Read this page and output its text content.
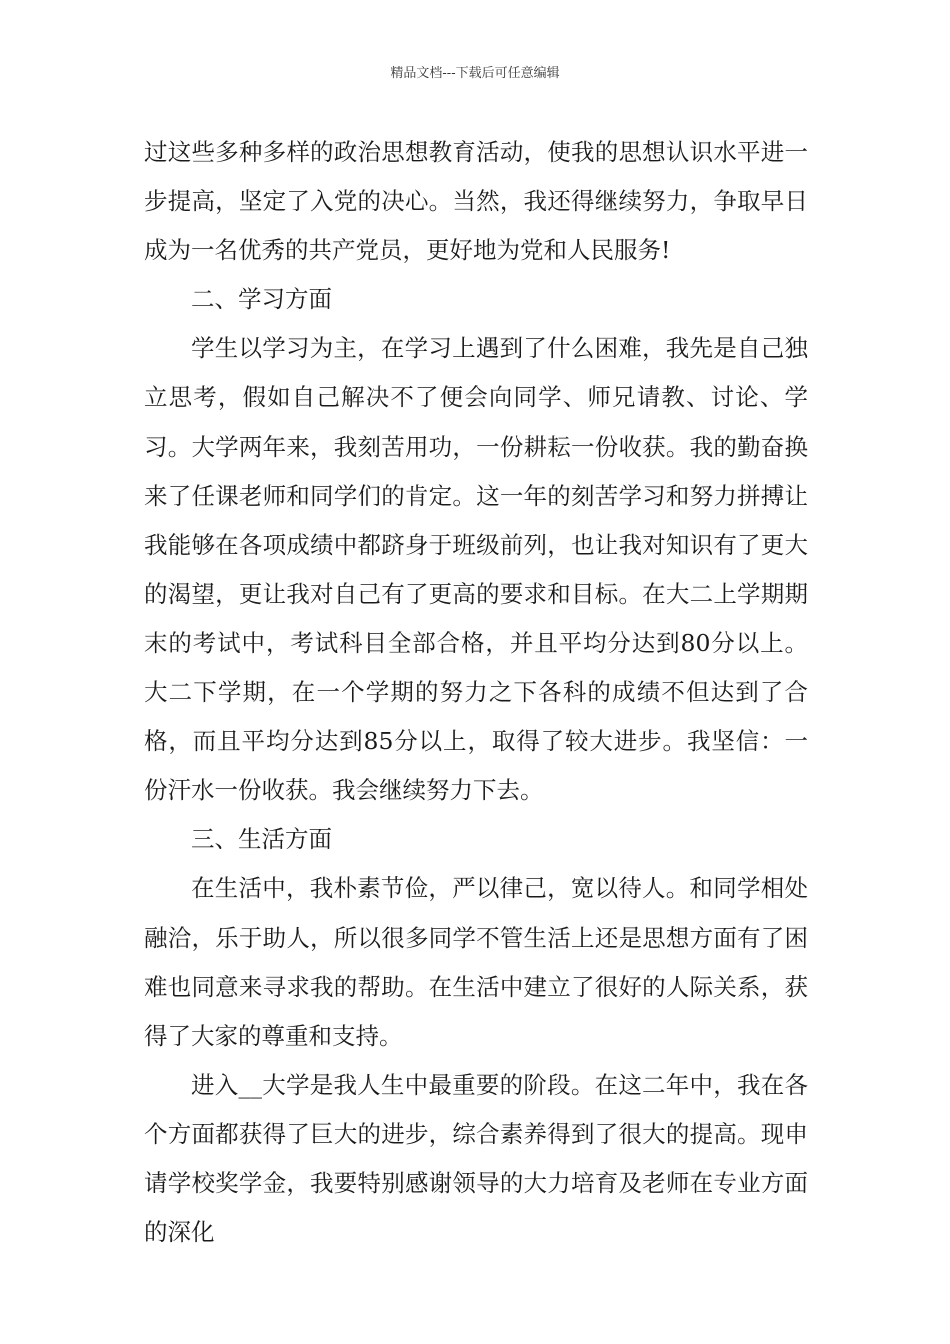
精品文档---下载后可任意编辑

过这些多种多样的政治思想教育活动，使我的思想认识水平进一步提高，坚定了入党的决心。当然，我还得继续努力，争取早日成为一名优秀的共产党员，更好地为党和人民服务!

二、学习方面

学生以学习为主，在学习上遇到了什么困难，我先是自己独立思考，假如自己解决不了便会向同学、师兄请教、讨论、学习。大学两年来，我刻苦用功，一份耕耘一份收获。我的勤奋换来了任课老师和同学们的肯定。这一年的刻苦学习和努力拼搏让我能够在各项成绩中都跻身于班级前列，也让我对知识有了更大的渴望，更让我对自己有了更高的要求和目标。在大二上学期期末的考试中，考试科目全部合格，并且平均分达到80分以上。大二下学期，在一个学期的努力之下各科的成绩不但达到了合格，而且平均分达到85分以上，取得了较大进步。我坚信：一份汗水一份收获。我会继续努力下去。

三、生活方面

在生活中，我朴素节俭，严以律己，宽以待人。和同学相处融洽，乐于助人，所以很多同学不管生活上还是思想方面有了困难也同意来寻求我的帮助。在生活中建立了很好的人际关系，获得了大家的尊重和支持。

进入__大学是我人生中最重要的阶段。在这二年中，我在各个方面都获得了巨大的进步，综合素养得到了很大的提高。现申请学校奖学金，我要特别感谢领导的大力培育及老师在专业方面的深化
